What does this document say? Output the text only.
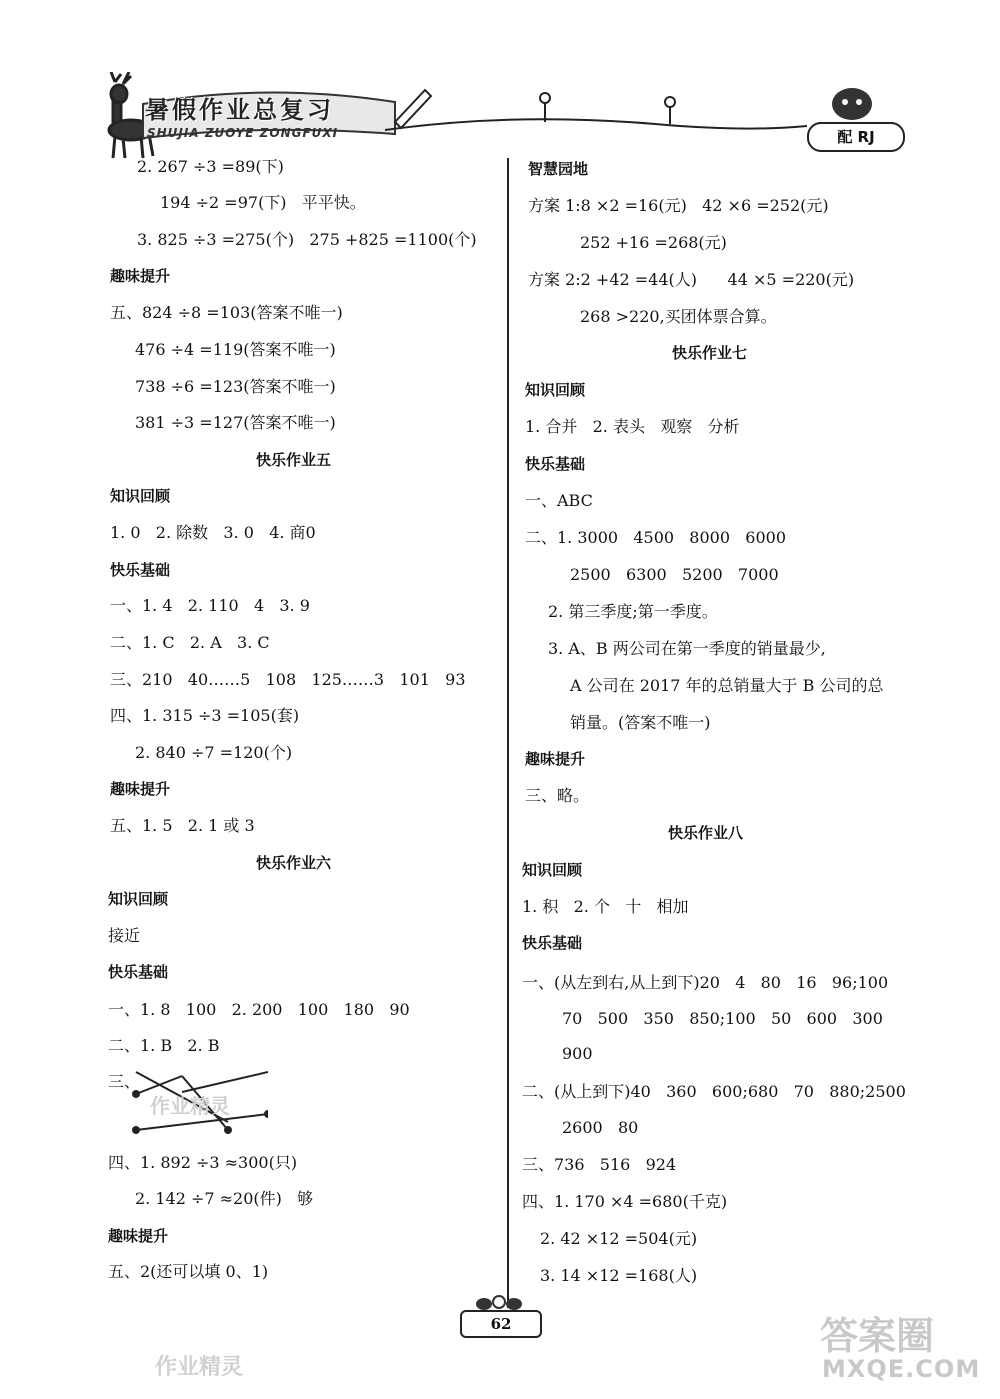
暑假作业总复习
SHUJIA ZUOYE ZONGFUXI	配 RJ
2. 267 ÷3 =89(下)
194 ÷2 =97(下)   平平快。
3. 825 ÷3 =275(个)   275 +825 =1100(个)
趣味提升
五、824 ÷8 =103(答案不唯一)
476 ÷4 =119(答案不唯一)
738 ÷6 =123(答案不唯一)
381 ÷3 =127(答案不唯一)
快乐作业五
知识回顾
1. 0   2. 除数   3. 0   4. 商0
快乐基础
一、1. 4   2. 110   4   3. 9
二、1. C   2. A   3. C
三、210   40……5   108   125……3   101   93
四、1. 315 ÷3 =105(套)
2. 840 ÷7 =120(个)
趣味提升
五、1. 5   2. 1 或 3
快乐作业六
知识回顾
接近
快乐基础
一、1. 8   100   2. 200   100   180   90
二、1. B   2. B
三、
四、1. 892 ÷3 ≈300(只)
2. 142 ÷7 ≈20(件)   够
趣味提升
五、2(还可以填 0、1)
智慧园地
方案 1:8 ×2 =16(元)   42 ×6 =252(元)
252 +16 =268(元)
方案 2:2 +42 =44(人)      44 ×5 =220(元)
268 >220,买团体票合算。
快乐作业七
知识回顾
1. 合并   2. 表头   观察   分析
快乐基础
一、ABC
二、1. 3000   4500   8000   6000
2500   6300   5200   7000
2. 第三季度;第一季度。
3. A、B 两公司在第一季度的销量最少,
A 公司在 2017 年的总销量大于 B 公司的总
销量。(答案不唯一)
趣味提升
三、略。
快乐作业八
知识回顾
1. 积   2. 个   十   相加
快乐基础
一、(从左到右,从上到下)20   4   80   16   96;100
70   500   350   850;100   50   600   300
900
二、(从上到下)40   360   600;680   70   880;2500
2600   80
三、736   516   924
四、1. 170 ×4 =680(千克)
2. 42 ×12 =504(元)
3. 14 ×12 =168(人)
62
作业精灵
作业精灵
答案圈
MXQE.COM
